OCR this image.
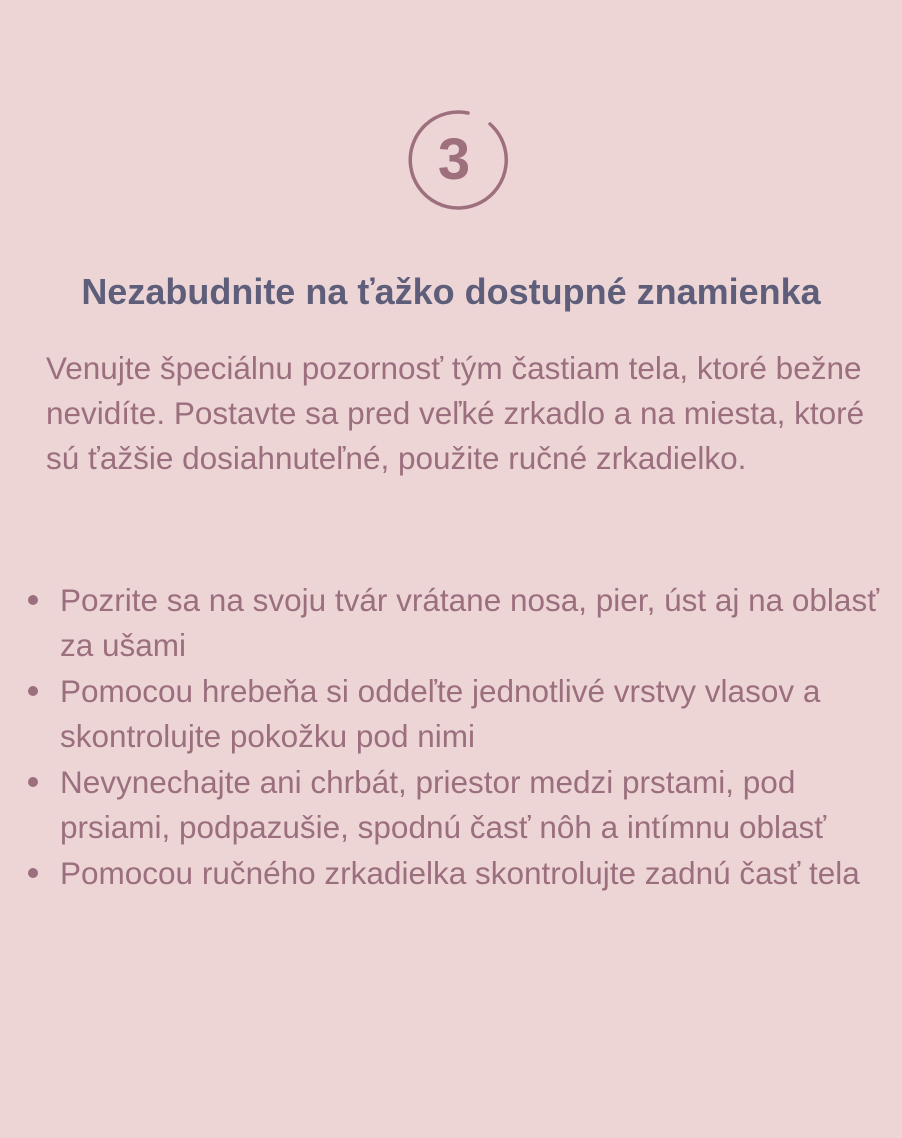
3
Nezabudnite na ťažko dostupné znamienka

Venujte špeciálnu pozornosť tým častiam tela, ktoré bežne nevidíte. Postavte sa pred veľké zrkadlo a na miesta, ktoré sú ťažšie dosiahnuteľné, použite ručné zrkadielko.

Pozrite sa na svoju tvár vrátane nosa, pier, úst aj na oblasť za ušami
Pomocou hrebeňa si oddeľte jednotlivé vrstvy vlasov a skontrolujte pokožku pod nimi
Nevynechajte ani chrbát, priestor medzi prstami, pod prsiami, podpazušie, spodnú časť nôh a intímnu oblasť
Pomocou ručného zrkadielka skontrolujte zadnú časť tela
